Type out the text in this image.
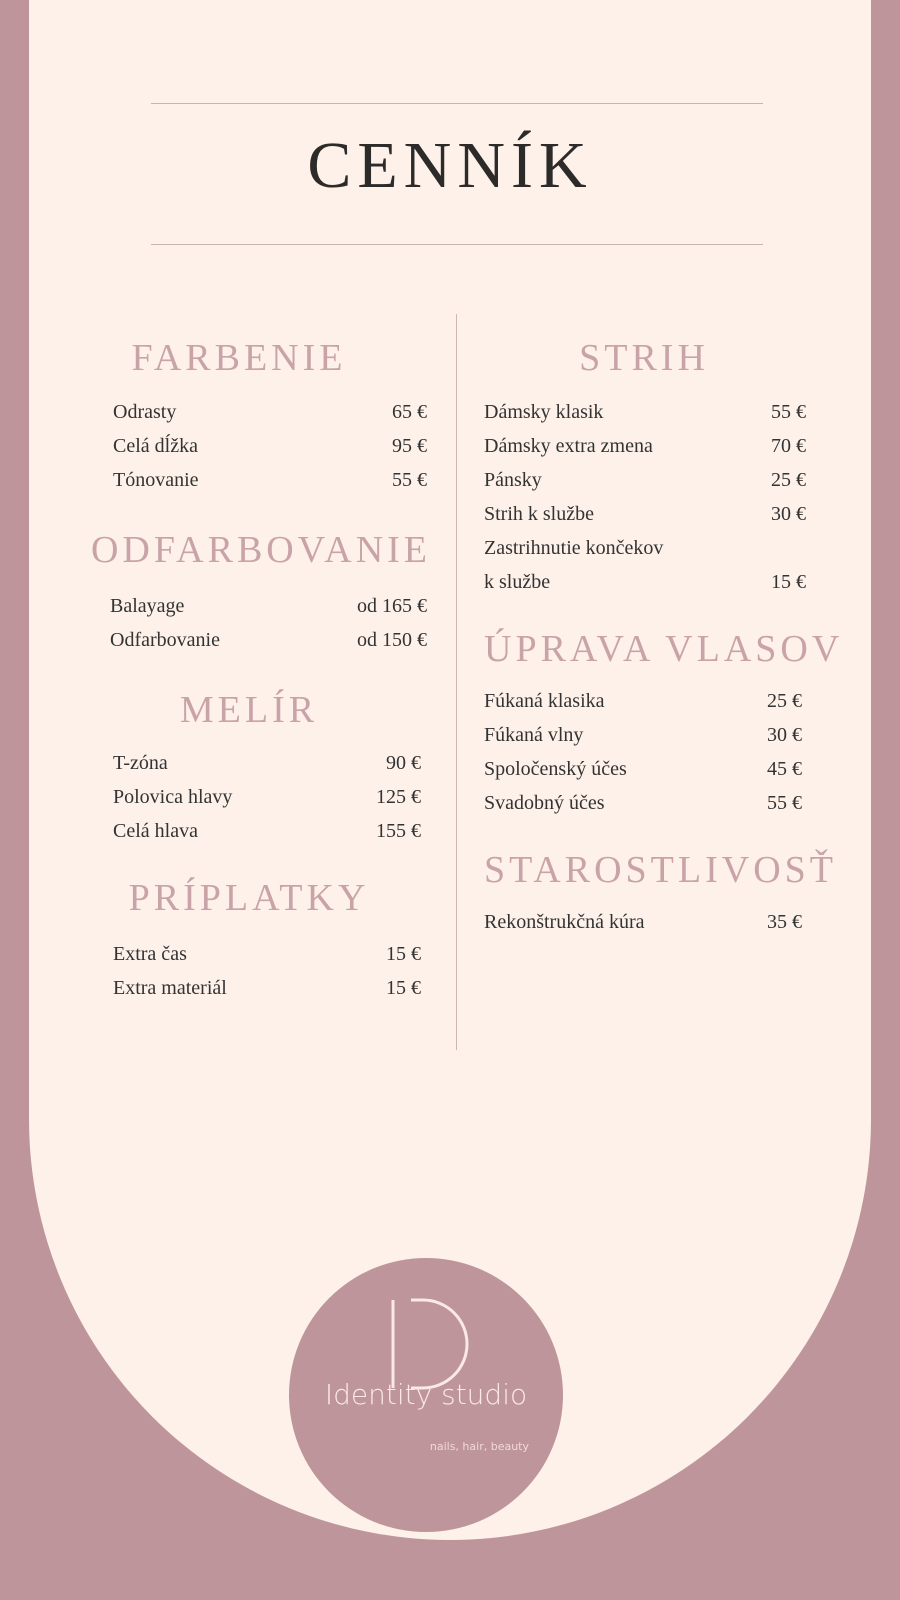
CENNÍK
FARBENIE
Odrasty	65 €
Celá dĺžka	95 €
Tónovanie	55 €
ODFARBOVANIE
Balayage	od 165 €
Odfarbovanie	od 150 €
MELÍR
T-zóna	90 €
Polovica hlavy	125 €
Celá hlava	155 €
PRÍPLATKY
Extra čas	15 €
Extra materiál	15 €
STRIH
Dámsky klasik	55 €
Dámsky extra zmena	70 €
Pánsky	25 €
Strih k službe	30 €
Zastrihnutie končekov
k službe	15 €
ÚPRAVA VLASOV
Fúkaná klasika	25 €
Fúkaná vlny	30 €
Spoločenský účes	45 €
Svadobný účes	55 €
STAROSTLIVOSŤ
Rekonštrukčná kúra	35 €
Identity studio
nails, hair, beauty
